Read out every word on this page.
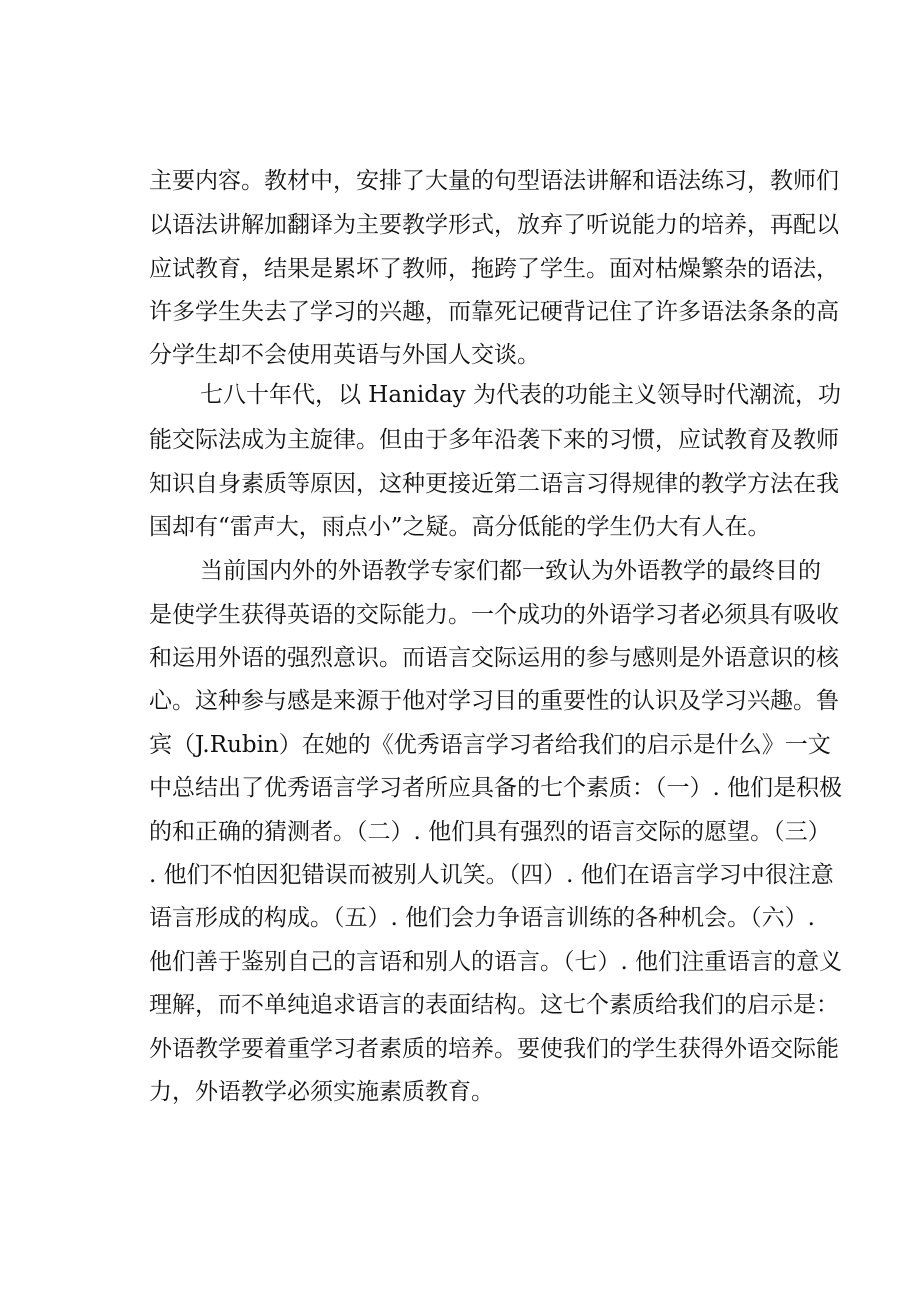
主要内容。教材中，安排了大量的句型语法讲解和语法练习，教师们
以语法讲解加翻译为主要教学形式，放弃了听说能力的培养，再配以
应试教育，结果是累坏了教师，拖跨了学生。面对枯燥繁杂的语法，
许多学生失去了学习的兴趣，而靠死记硬背记住了许多语法条条的高
分学生却不会使用英语与外国人交谈。
七八十年代，以 Haniday 为代表的功能主义领导时代潮流，功
能交际法成为主旋律。但由于多年沿袭下来的习惯，应试教育及教师
知识自身素质等原因，这种更接近第二语言习得规律的教学方法在我
国却有“雷声大，雨点小”之疑。高分低能的学生仍大有人在。
当前国内外的外语教学专家们都一致认为外语教学的最终目的
是使学生获得英语的交际能力。一个成功的外语学习者必须具有吸收
和运用外语的强烈意识。而语言交际运用的参与感则是外语意识的核
心。这种参与感是来源于他对学习目的重要性的认识及学习兴趣。鲁
宾（J.Rubin）在她的《优秀语言学习者给我们的启示是什么》一文
中总结出了优秀语言学习者所应具备的七个素质：（一）. 他们是积极
的和正确的猜测者。（二）. 他们具有强烈的语言交际的愿望。（三）
. 他们不怕因犯错误而被别人讥笑。（四）. 他们在语言学习中很注意
语言形成的构成。（五）. 他们会力争语言训练的各种机会。（六）.
他们善于鉴别自己的言语和别人的语言。（七）. 他们注重语言的意义
理解，而不单纯追求语言的表面结构。这七个素质给我们的启示是：
外语教学要着重学习者素质的培养。要使我们的学生获得外语交际能
力，外语教学必须实施素质教育。
